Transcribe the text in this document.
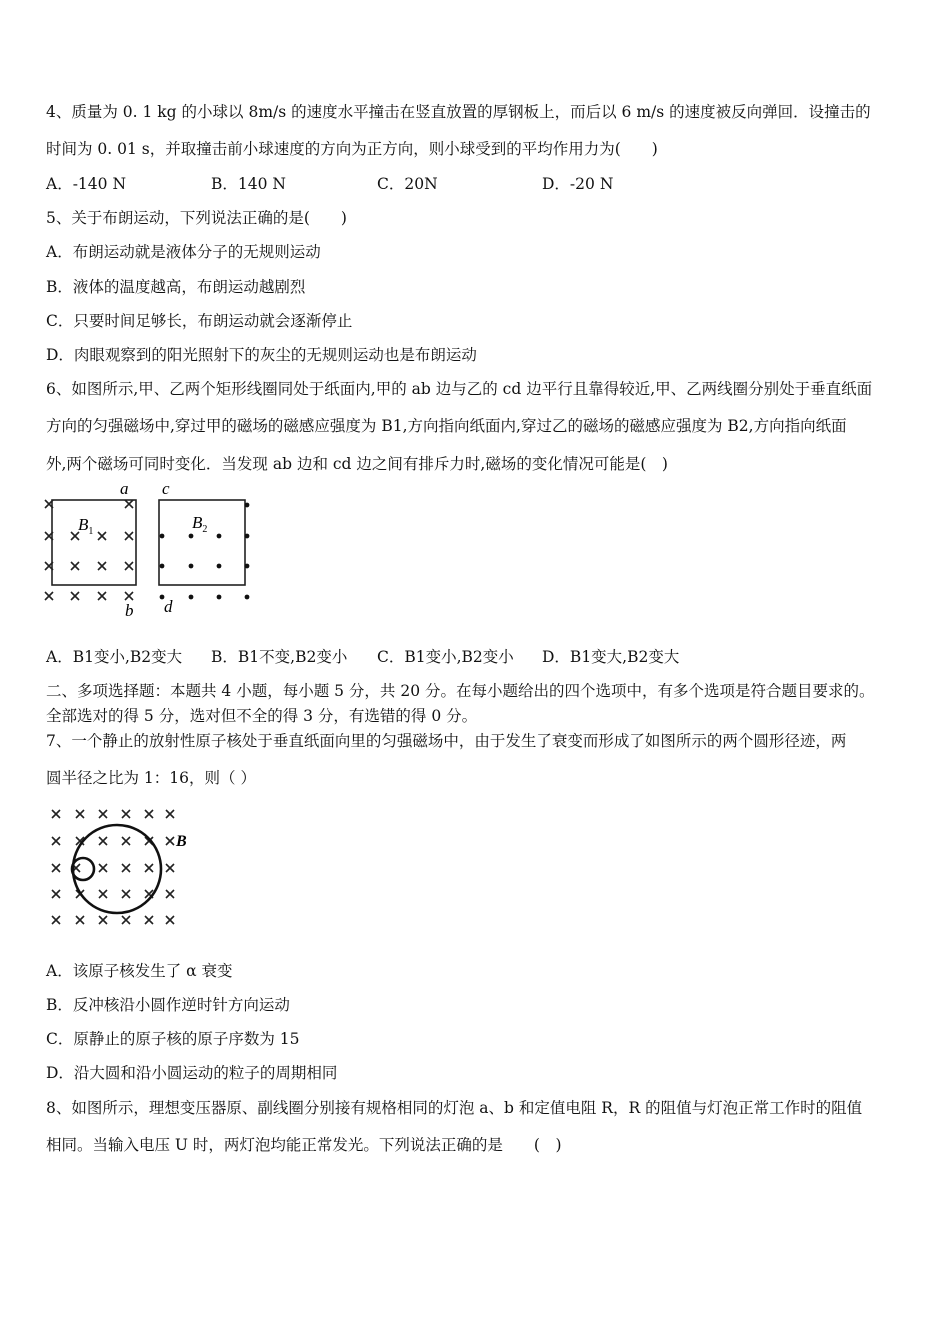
4、质量为 0. 1 kg 的小球以 8m/s 的速度水平撞击在竖直放置的厚钢板上，而后以 6 m/s 的速度被反向弹回．设撞击的
时间为 0. 01 s，并取撞击前小球速度的方向为正方向，则小球受到的平均作用力为(　　)
A．-140 N	B．140 N	C．20N	D．-20 N
5、关于布朗运动，下列说法正确的是(　　)
A．布朗运动就是液体分子的无规则运动
B．液体的温度越高，布朗运动越剧烈
C．只要时间足够长，布朗运动就会逐渐停止
D．肉眼观察到的阳光照射下的灰尘的无规则运动也是布朗运动
6、如图所示,甲、乙两个矩形线圈同处于纸面内,甲的 ab 边与乙的 cd 边平行且靠得较近,甲、乙两线圈分别处于垂直纸面
方向的匀强磁场中,穿过甲的磁场的磁感应强度为 B1,方向指向纸面内,穿过乙的磁场的磁感应强度为 B2,方向指向纸面
外,两个磁场可同时变化．当发现 ab 边和 cd 边之间有排斥力时,磁场的变化情况可能是(　)
a
b
c
d
$B_1$	$B_2$
A．B1变小,B2变大 B．B1不变,B2变小 C．B1变小,B2变小 D．B1变大,B2变大
二、多项选择题：本题共 4 小题，每小题 5 分，共 20 分。在每小题给出的四个选项中，有多个选项是符合题目要求的。
全部选对的得 5 分，选对但不全的得 3 分，有选错的得 0 分。
7、一个静止的放射性原子核处于垂直纸面向里的匀强磁场中，由于发生了衰变而形成了如图所示的两个圆形径迹，两
圆半径之比为 1：16，则（ ）
B
A．该原子核发生了 α 衰变
B．反冲核沿小圆作逆时针方向运动
C．原静止的原子核的原子序数为 15
D．沿大圆和沿小圆运动的粒子的周期相同
8、如图所示，理想变压器原、副线圈分别接有规格相同的灯泡 a、b 和定值电阻 R，R 的阻值与灯泡正常工作时的阻值
相同。当输入电压 U 时，两灯泡均能正常发光。下列说法正确的是　　(　)
